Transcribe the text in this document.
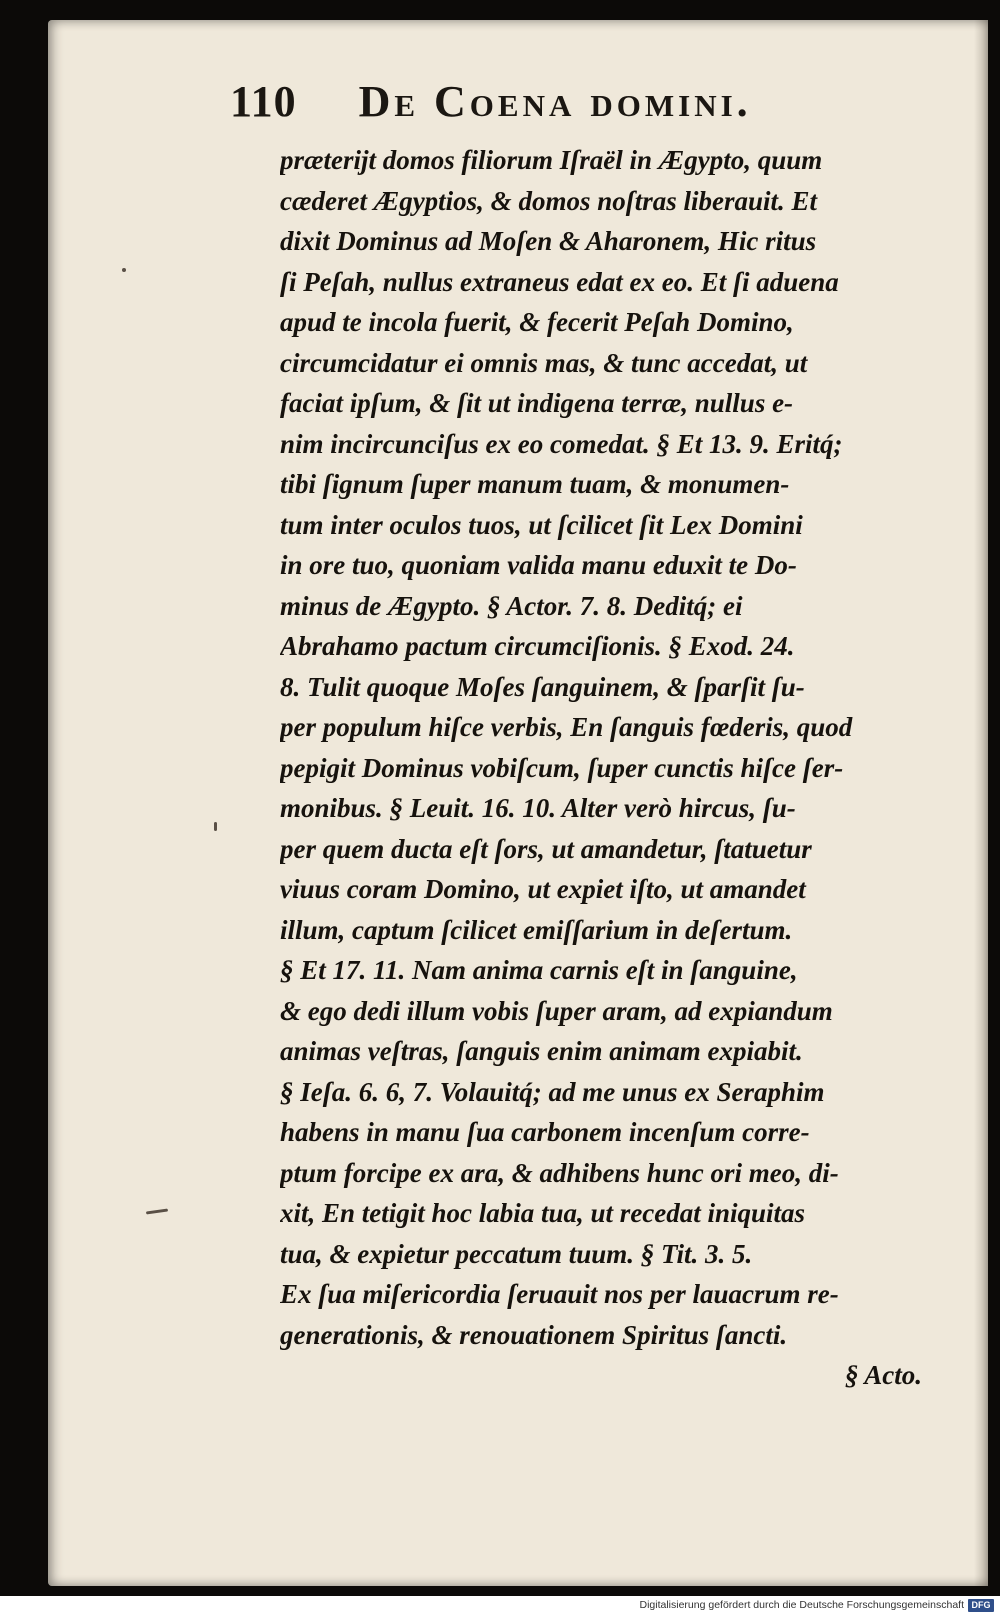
110 De Coena domini.
præterijt domos filiorum Iſraël in Ægypto, quum
cæderet Ægyptios, & domos noſtras liberauit. Et
dixit Dominus ad Moſen & Aharonem, Hic ritus
ſi Peſah, nullus extraneus edat ex eo. Et ſi aduena
apud te incola fuerit, & fecerit Peſah Domino,
circumcidatur ei omnis mas, & tunc accedat, ut
faciat ipſum, & ſit ut indigena terræ, nullus e-
nim incircunciſus ex eo comedat. § Et 13. 9. Eritq́;
tibi ſignum ſuper manum tuam, & monumen-
tum inter oculos tuos, ut ſcilicet ſit Lex Domini
in ore tuo, quoniam valida manu eduxit te Do-
minus de Ægypto. § Actor. 7. 8. Deditq́; ei
Abrahamo pactum circumciſionis. § Exod. 24.
8. Tulit quoque Moſes ſanguinem, & ſparſit ſu-
per populum hiſce verbis, En ſanguis fœderis, quod
pepigit Dominus vobiſcum, ſuper cunctis hiſce ſer-
monibus. § Leuit. 16. 10. Alter verò hircus, ſu-
per quem ducta eſt ſors, ut amandetur, ſtatuetur
viuus coram Domino, ut expiet iſto, ut amandet
illum, captum ſcilicet emiſſarium in deſertum.
§ Et 17. 11. Nam anima carnis eſt in ſanguine,
& ego dedi illum vobis ſuper aram, ad expiandum
animas veſtras, ſanguis enim animam expiabit.
§ Ieſa. 6. 6, 7. Volauitq́; ad me unus ex Seraphim
habens in manu ſua carbonem incenſum corre-
ptum forcipe ex ara, & adhibens hunc ori meo, di-
xit, En tetigit hoc labia tua, ut recedat iniquitas
tua, & expietur peccatum tuum. § Tit. 3. 5.
Ex ſua miſericordia ſeruauit nos per lauacrum re-
generationis, & renouationem Spiritus ſancti.
§ Acto.
Digitalisierung gefördert durch die Deutsche Forschungsgemeinschaft DFG
